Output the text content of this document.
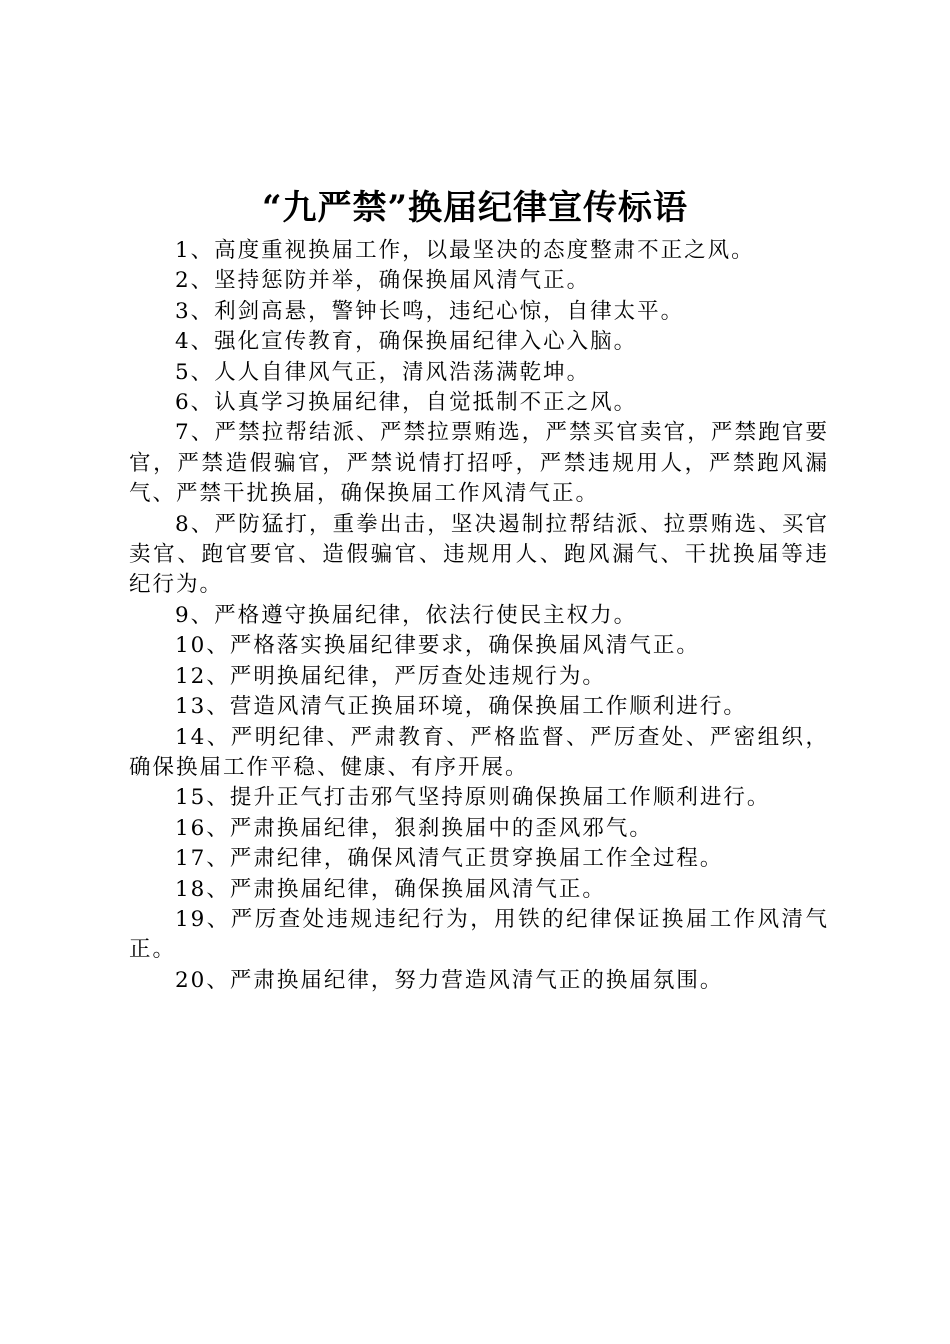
“九严禁”换届纪律宣传标语

1、高度重视换届工作，以最坚决的态度整肃不正之风。

2、坚持惩防并举，确保换届风清气正。

3、利剑高悬，警钟长鸣，违纪心惊，自律太平。

4、强化宣传教育，确保换届纪律入心入脑。

5、人人自律风气正，清风浩荡满乾坤。

6、认真学习换届纪律，自觉抵制不正之风。

7、严禁拉帮结派、严禁拉票贿选，严禁买官卖官，严禁跑官要官，严禁造假骗官，严禁说情打招呼，严禁违规用人，严禁跑风漏气、严禁干扰换届，确保换届工作风清气正。

8、严防猛打，重拳出击，坚决遏制拉帮结派、拉票贿选、买官卖官、跑官要官、造假骗官、违规用人、跑风漏气、干扰换届等违纪行为。

9、严格遵守换届纪律，依法行使民主权力。

10、严格落实换届纪律要求，确保换届风清气正。

12、严明换届纪律，严厉查处违规行为。

13、营造风清气正换届环境，确保换届工作顺利进行。

14、严明纪律、严肃教育、严格监督、严厉查处、严密组织，确保换届工作平稳、健康、有序开展。

15、提升正气打击邪气坚持原则确保换届工作顺利进行。

16、严肃换届纪律，狠刹换届中的歪风邪气。

17、严肃纪律，确保风清气正贯穿换届工作全过程。

18、严肃换届纪律，确保换届风清气正。

19、严厉查处违规违纪行为，用铁的纪律保证换届工作风清气正。

20、严肃换届纪律，努力营造风清气正的换届氛围。
